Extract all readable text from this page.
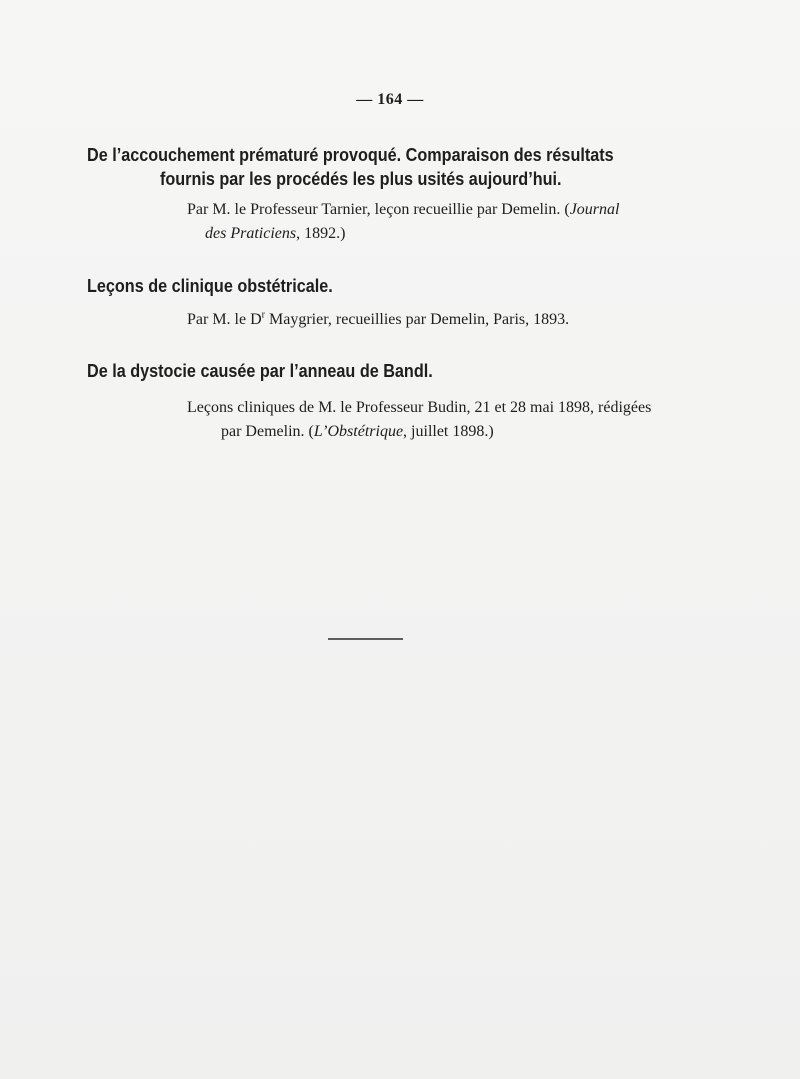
— 164 —
De l’accouchement prématuré provoqué. Comparaison des résultats
fournis par les procédés les plus usités aujourd’hui.
Par M. le Professeur Tarnier, leçon recueillie par Demelin. (Journal
des Praticiens, 1892.)
Leçons de clinique obstétricale.
Par M. le $D^r$ Maygrier, recueillies par Demelin, Paris, 1893.
De la dystocie causée par l’anneau de Bandl.
Leçons cliniques de M. le Professeur Budin, 21 et 28 mai 1898, rédigées
par Demelin. (L’Obstétrique, juillet 1898.)
